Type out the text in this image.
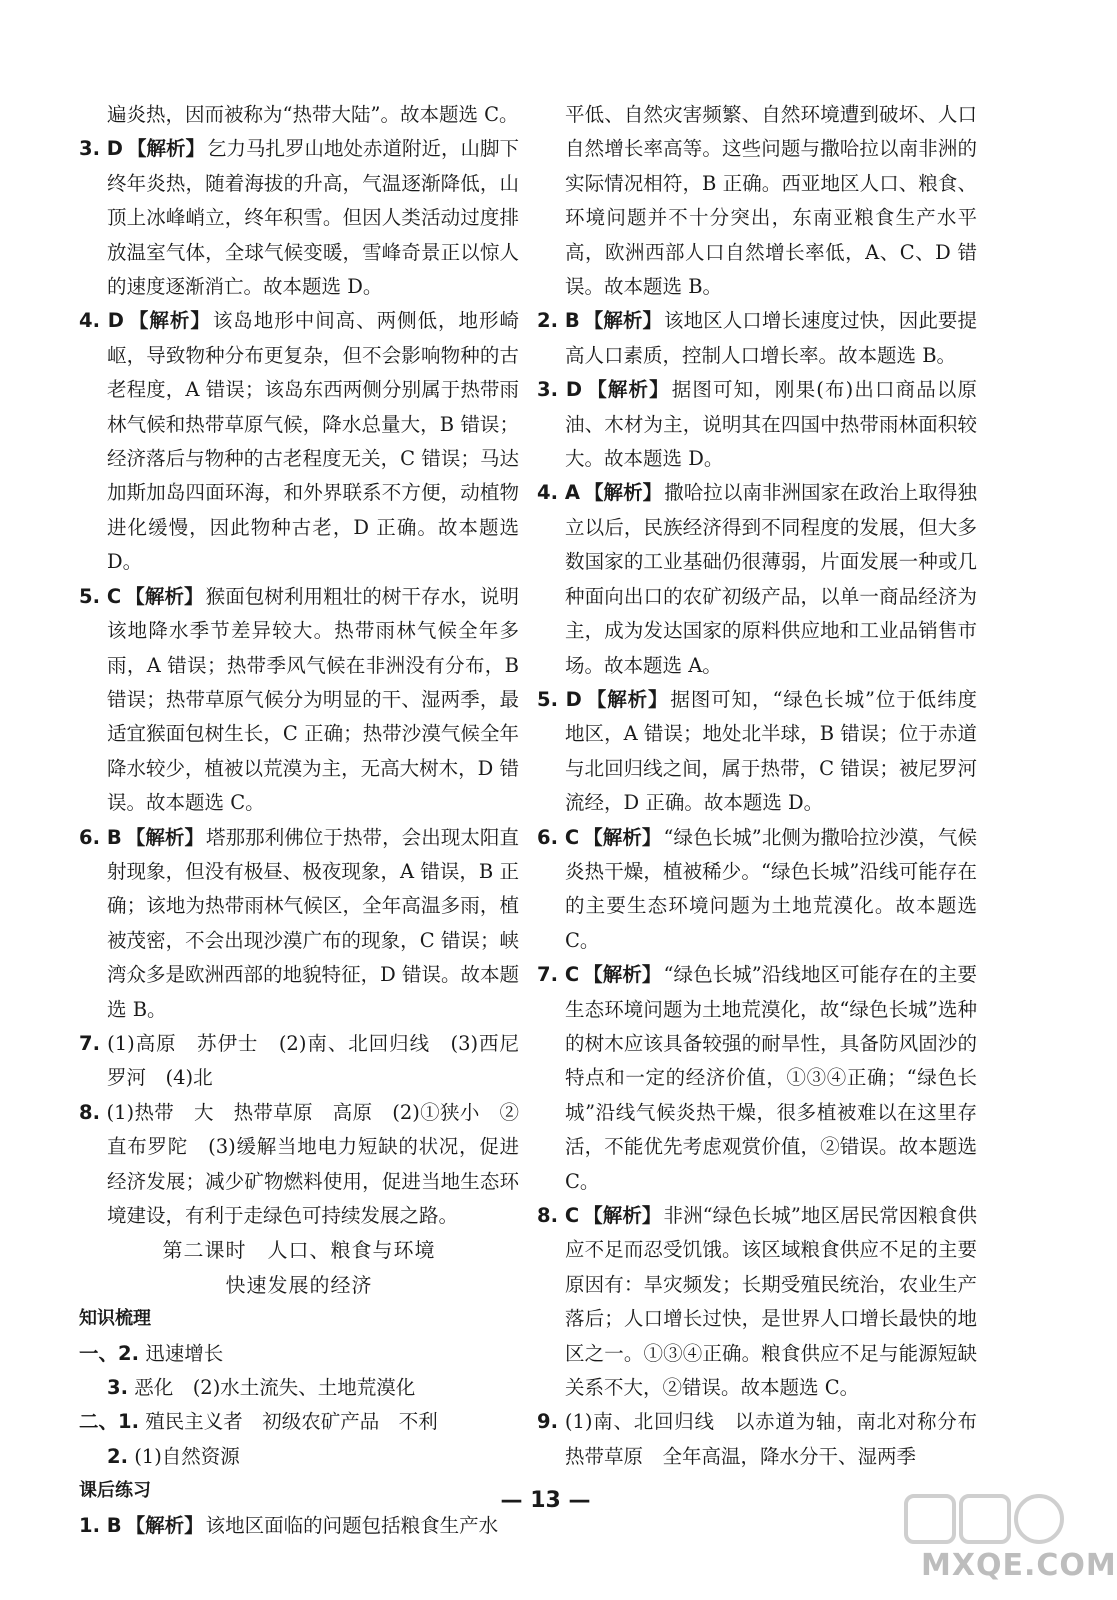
遍炎热，因而被称为“热带大陆”。故本题选 C。

3. D 【解析】 乞力马扎罗山地处赤道附近，山脚下终年炎热，随着海拔的升高，气温逐渐降低，山顶上冰峰峭立，终年积雪。但因人类活动过度排放温室气体，全球气候变暖，雪峰奇景正以惊人的速度逐渐消亡。故本题选 D。

4. D 【解析】 该岛地形中间高、两侧低，地形崎岖，导致物种分布更复杂，但不会影响物种的古老程度，A 错误；该岛东西两侧分别属于热带雨林气候和热带草原气候，降水总量大，B 错误；经济落后与物种的古老程度无关，C 错误；马达加斯加岛四面环海，和外界联系不方便，动植物进化缓慢，因此物种古老，D 正确。故本题选 D。

5. C 【解析】 猴面包树利用粗壮的树干存水，说明该地降水季节差异较大。热带雨林气候全年多雨，A 错误；热带季风气候在非洲没有分布，B 错误；热带草原气候分为明显的干、湿两季，最适宜猴面包树生长，C 正确；热带沙漠气候全年降水较少，植被以荒漠为主，无高大树木，D 错误。故本题选 C。

6. B 【解析】 塔那那利佛位于热带，会出现太阳直射现象，但没有极昼、极夜现象，A 错误，B 正确；该地为热带雨林气候区，全年高温多雨，植被茂密，不会出现沙漠广布的现象，C 错误；峡湾众多是欧洲西部的地貌特征，D 错误。故本题选 B。

7. (1)高原　苏伊士　(2)南、北回归线　(3)西尼罗河　(4)北

8. (1)热带　大　热带草原　高原　(2)①狭小　②直布罗陀　(3)缓解当地电力短缺的状况，促进经济发展；减少矿物燃料使用，促进当地生态环境建设，有利于走绿色可持续发展之路。

第二课时　人口、粮食与环境

快速发展的经济

知识梳理

一、2. 迅速增长

3. 恶化　(2)水土流失、土地荒漠化

二、1. 殖民主义者　初级农矿产品　不利

2. (1)自然资源

课后练习

1. B 【解析】 该地区面临的问题包括粮食生产水

平低、自然灾害频繁、自然环境遭到破坏、人口自然增长率高等。这些问题与撒哈拉以南非洲的实际情况相符，B 正确。西亚地区人口、粮食、环境问题并不十分突出，东南亚粮食生产水平高，欧洲西部人口自然增长率低，A、C、D 错误。故本题选 B。

2. B 【解析】 该地区人口增长速度过快，因此要提高人口素质，控制人口增长率。故本题选 B。

3. D 【解析】 据图可知，刚果(布)出口商品以原油、木材为主，说明其在四国中热带雨林面积较大。故本题选 D。

4. A 【解析】 撒哈拉以南非洲国家在政治上取得独立以后，民族经济得到不同程度的发展，但大多数国家的工业基础仍很薄弱，片面发展一种或几种面向出口的农矿初级产品，以单一商品经济为主，成为发达国家的原料供应地和工业品销售市场。故本题选 A。

5. D 【解析】 据图可知，“绿色长城”位于低纬度地区，A 错误；地处北半球，B 错误；位于赤道与北回归线之间，属于热带，C 错误；被尼罗河流经，D 正确。故本题选 D。

6. C 【解析】 “绿色长城”北侧为撒哈拉沙漠，气候炎热干燥，植被稀少。“绿色长城”沿线可能存在的主要生态环境问题为土地荒漠化。故本题选 C。

7. C 【解析】 “绿色长城”沿线地区可能存在的主要生态环境问题为土地荒漠化，故“绿色长城”选种的树木应该具备较强的耐旱性，具备防风固沙的特点和一定的经济价值，①③④正确；“绿色长城”沿线气候炎热干燥，很多植被难以在这里存活，不能优先考虑观赏价值，②错误。故本题选 C。

8. C 【解析】 非洲“绿色长城”地区居民常因粮食供应不足而忍受饥饿。该区域粮食供应不足的主要原因有：旱灾频发；长期受殖民统治，农业生产落后；人口增长过快，是世界人口增长最快的地区之一。①③④正确。粮食供应不足与能源短缺关系不大，②错误。故本题选 C。

9. (1)南、北回归线　以赤道为轴，南北对称分布　热带草原　全年高温，降水分干、湿两季

— 13 —
MXQE.COM
